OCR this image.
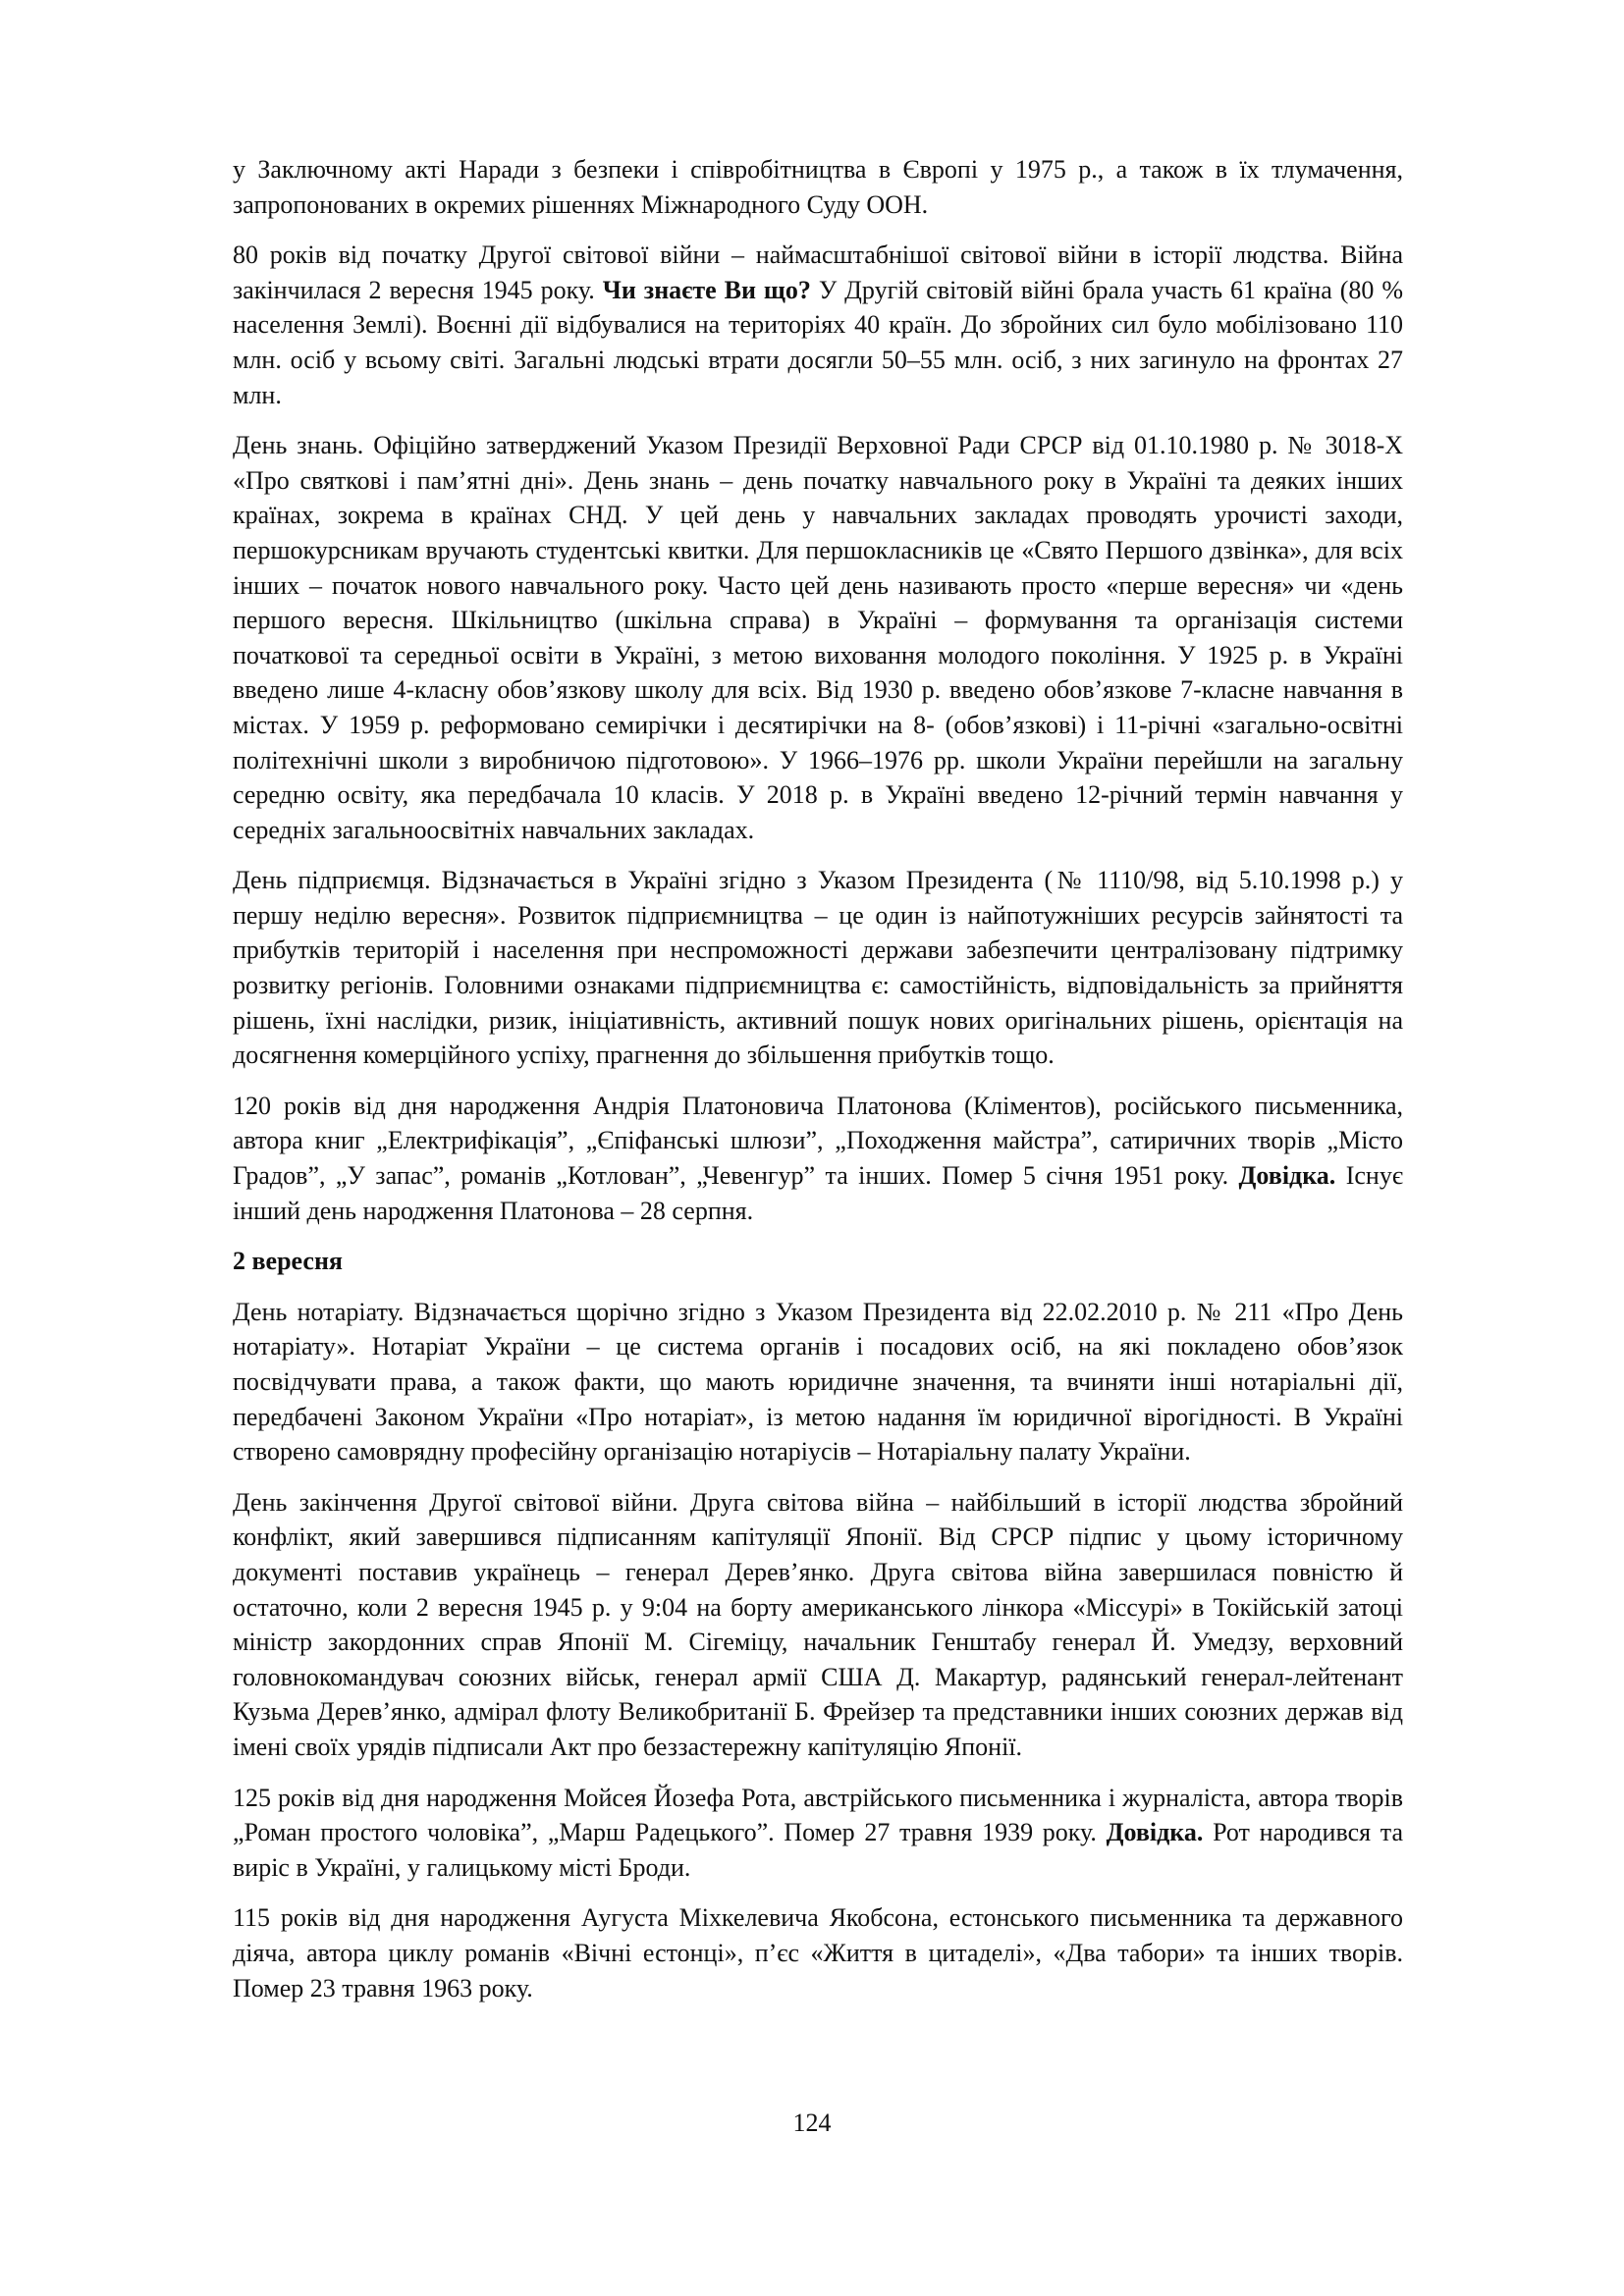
у Заключному акті Наради з безпеки і співробітництва в Європі у 1975 р., а також в їх тлумачення, запропонованих в окремих рішеннях Міжнародного Суду ООН.

80 років від початку Другої світової війни – наймасштабнішої світової війни в історії людства. Війна закінчилася 2 вересня 1945 року. Чи знаєте Ви що? У Другій світовій війні брала участь 61 країна (80 % населення Землі). Воєнні дії відбувалися на територіях 40 країн. До збройних сил було мобілізовано 110 млн. осіб у всьому світі. Загальні людські втрати досягли 50–55 млн. осіб, з них загинуло на фронтах 27 млн.

День знань. Офіційно затверджений Указом Президії Верховної Ради СРСР від 01.10.1980 р. № 3018-Х «Про святкові і пам’ятні дні». День знань – день початку навчального року в Україні та деяких інших країнах, зокрема в країнах СНД. У цей день у навчальних закладах проводять урочисті заходи, першокурсникам вручають студентські квитки. Для першокласників це «Свято Першого дзвінка», для всіх інших – початок нового навчального року. Часто цей день називають просто «перше вересня» чи «день першого вересня. Шкільництво (шкільна справа) в Україні – формування та організація системи початкової та середньої освіти в Україні, з метою виховання молодого покоління. У 1925 р. в Україні введено лише 4-класну обов’язкову школу для всіх. Від 1930 р. введено обов’язкове 7-класне навчання в містах. У 1959 р. реформовано семирічки і десятирічки на 8- (обов’язкові) і 11-річні «загально-освітні політехнічні школи з виробничою підготовою». У 1966–1976 рр. школи України перейшли на загальну середню освіту, яка передбачала 10 класів. У 2018 р. в Україні введено 12-річний термін навчання у середніх загальноосвітніх навчальних закладах.

День підприємця. Відзначається в Україні згідно з Указом Президента (№ 1110/98, від 5.10.1998 р.) у першу неділю вересня». Розвиток підприємництва – це один із найпотужніших ресурсів зайнятості та прибутків територій і населення при неспроможності держави забезпечити централізовану підтримку розвитку регіонів. Головними ознаками підприємництва є: самостійність, відповідальність за прийняття рішень, їхні наслідки, ризик, ініціативність, активний пошук нових оригінальних рішень, орієнтація на досягнення комерційного успіху, прагнення до збільшення прибутків тощо.

120 років від дня народження Андрія Платоновича Платонова (Кліментов), російського письменника, автора книг „Електрифікація”, „Єпіфанські шлюзи”, „Походження майстра”, сатиричних творів „Місто Градов”, „У запас”, романів „Котлован”, „Чевенгур” та інших. Помер 5 січня 1951 року. Довідка. Існує інший день народження Платонова – 28 серпня.

2 вересня

День нотаріату. Відзначається щорічно згідно з Указом Президента від 22.02.2010 р. № 211 «Про День нотаріату». Нотаріат України – це система органів і посадових осіб, на які покладено обов’язок посвідчувати права, а також факти, що мають юридичне значення, та вчиняти інші нотаріальні дії, передбачені Законом України «Про нотаріат», із метою надання їм юридичної вірогідності. В Україні створено самоврядну професійну організацію нотаріусів – Нотаріальну палату України.

День закінчення Другої світової війни. Друга світова війна – найбільший в історії людства збройний конфлікт, який завершився підписанням капітуляції Японії. Від СРСР підпис у цьому історичному документі поставив українець – генерал Дерев’янко. Друга світова війна завершилася повністю й остаточно, коли 2 вересня 1945 р. у 9:04 на борту американського лінкора «Міссурі» в Токійській затоці міністр закордонних справ Японії М. Сігеміцу, начальник Генштабу генерал Й. Умедзу, верховний головнокомандувач союзних військ, генерал армії США Д. Макартур, радянський генерал-лейтенант Кузьма Дерев’янко, адмірал флоту Великобританії Б. Фрейзер та представники інших союзних держав від імені своїх урядів підписали Акт про беззастережну капітуляцію Японії.

125 років від дня народження Мойсея Йозефа Рота, австрійського письменника і журналіста, автора творів „Роман простого чоловіка”, „Марш Радецького”. Помер 27 травня 1939 року. Довідка. Рот народився та виріс в Україні, у галицькому місті Броди.

115 років від дня народження Аугуста Міхкелевича Якобсона, естонського письменника та державного діяча, автора циклу романів «Вічні естонці», п’єс «Життя в цитаделі», «Два табори» та інших творів. Помер 23 травня 1963 року.

124
